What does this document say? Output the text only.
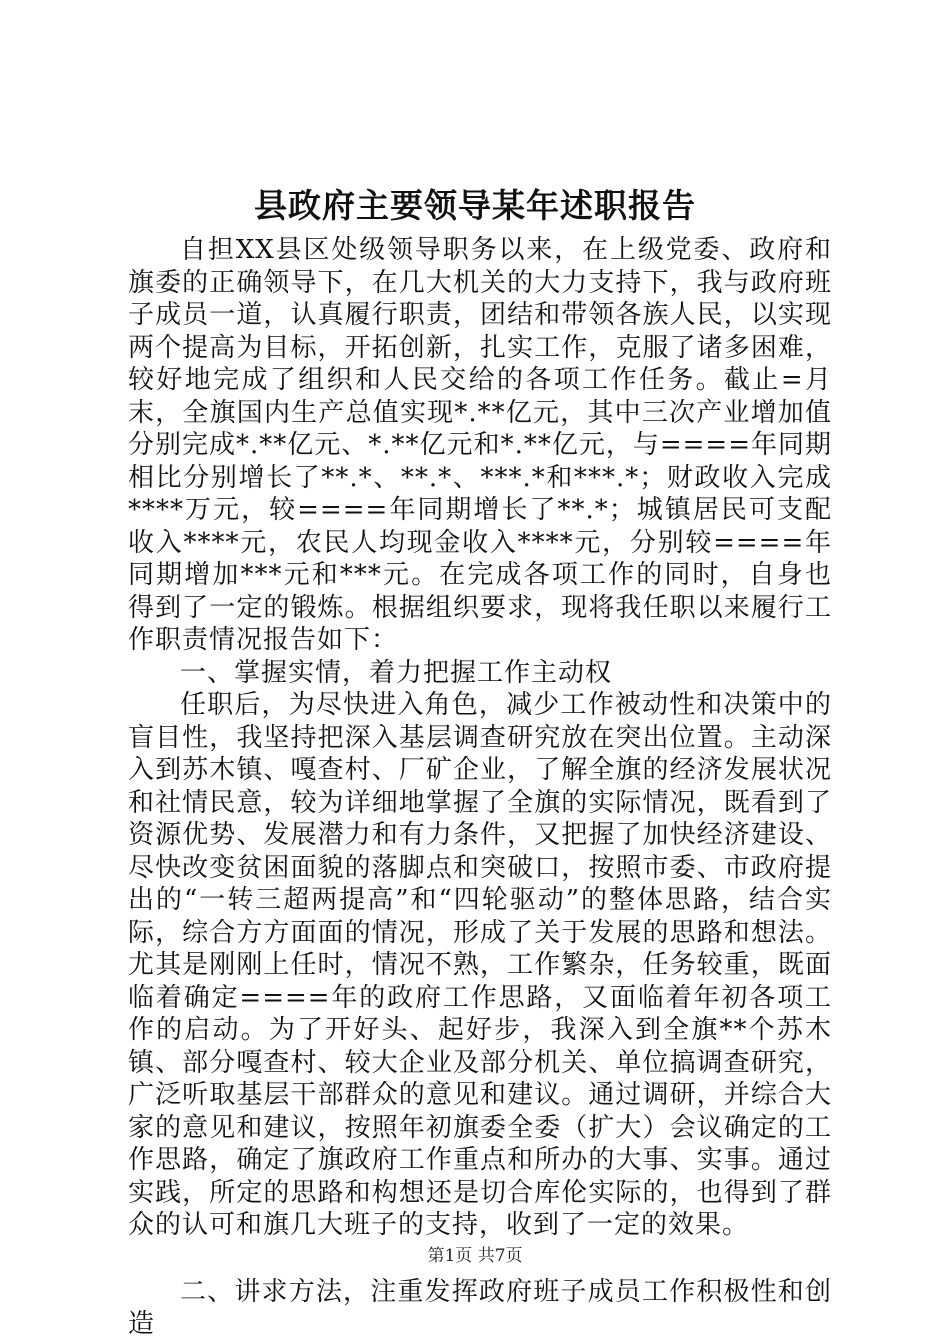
县政府主要领导某年述职报告

自担XX县区处级领导职务以来，在上级党委、政府和旗委的正确领导下，在几大机关的大力支持下，我与政府班子成员一道，认真履行职责，团结和带领各族人民，以实现两个提高为目标，开拓创新，扎实工作，克服了诸多困难，较好地完成了组织和人民交给的各项工作任务。截止=月末，全旗国内生产总值实现*.**亿元，其中三次产业增加值分别完成*.**亿元、*.**亿元和*.**亿元，与====年同期相比分别增长了**.*、**.*、***.*和***.*；财政收入完成****万元，较====年同期增长了**.*；城镇居民可支配收入****元，农民人均现金收入****元，分别较====年同期增加***元和***元。在完成各项工作的同时，自身也得到了一定的锻炼。根据组织要求，现将我任职以来履行工作职责情况报告如下：

一、掌握实情，着力把握工作主动权

任职后，为尽快进入角色，减少工作被动性和决策中的盲目性，我坚持把深入基层调查研究放在突出位置。主动深入到苏木镇、嘎查村、厂矿企业，了解全旗的经济发展状况和社情民意，较为详细地掌握了全旗的实际情况，既看到了资源优势、发展潜力和有力条件，又把握了加快经济建设、尽快改变贫困面貌的落脚点和突破口，按照市委、市政府提出的“一转三超两提高”和“四轮驱动”的整体思路，结合实际，综合方方面面的情况，形成了关于发展的思路和想法。尤其是刚刚上任时，情况不熟，工作繁杂，任务较重，既面临着确定====年的政府工作思路，又面临着年初各项工作的启动。为了开好头、起好步，我深入到全旗**个苏木镇、部分嘎查村、较大企业及部分机关、单位搞调查研究，广泛听取基层干部群众的意见和建议。通过调研，并综合大家的意见和建议，按照年初旗委全委（扩大）会议确定的工作思路，确定了旗政府工作重点和所办的大事、实事。通过实践，所定的思路和构想还是切合库伦实际的，也得到了群众的认可和旗几大班子的支持，收到了一定的效果。

二、讲求方法，注重发挥政府班子成员工作积极性和创造

第1页 共7页
